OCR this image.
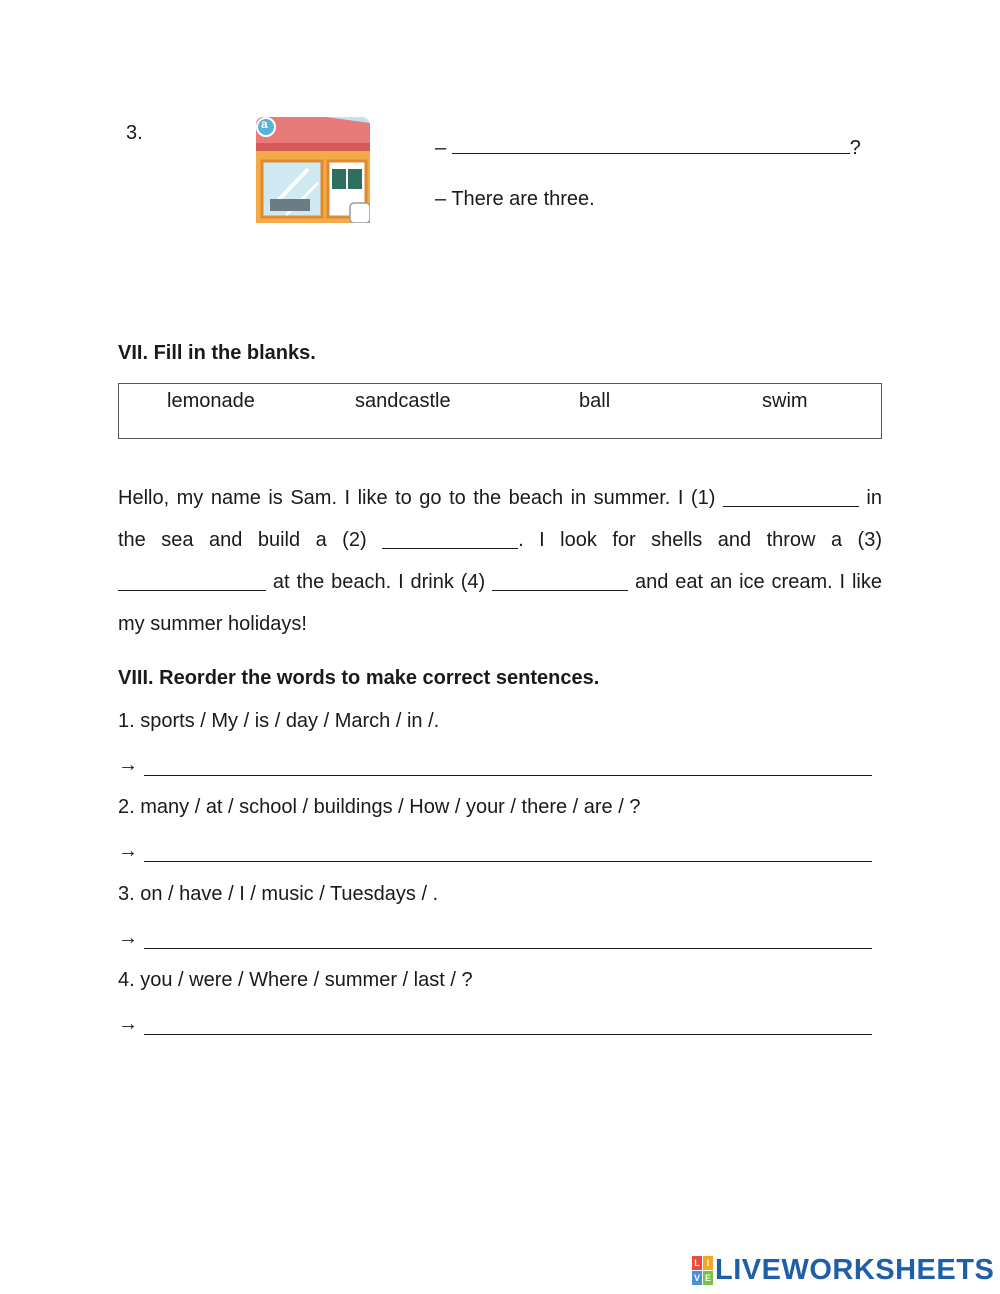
3.	a
–	?
– There are three.
VII. Fill in the blanks.
lemonade	sandcastle	ball	swim
Hello, my name is Sam. I like to go to the beach in summer. I (1)	in the sea and build a (2)	. I look for shells and throw a (3)  at the beach. I drink (4)	and eat an ice cream. I like my summer holidays!
VIII. Reorder the words to make correct sentences.
1. sports / My / is / day / March / in /.
→
2. many / at / school / buildings / How / your / there / are / ?
→
3. on / have / I / music / Tuesdays / .
→
4. you / were / Where / summer / last / ?
→
L I
V E LIVEWORKSHEETS
